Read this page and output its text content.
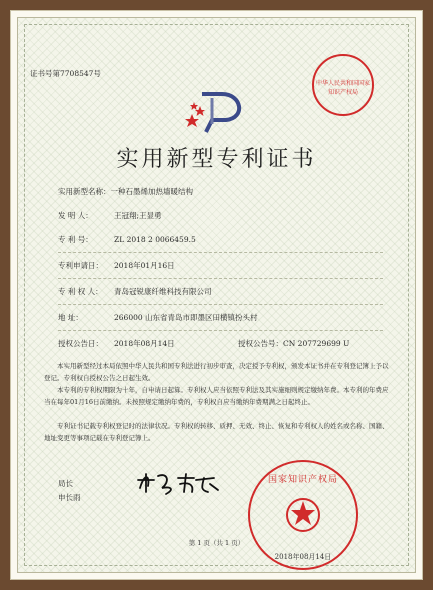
证书号第7708547号
中华人民共和国国家知识产权局
实用新型专利证书
实用新型名称：一种石墨烯加热墙暖结构
发 明 人：	王冠翔;王显勇
专 利 号：	ZL 2018 2 0066459.5
专利申请日： 2018年01月16日
专 利 权 人： 青岛冠锐康纤维科技有限公司
地 址：	266000 山东省青岛市即墨区田横镇扮头村
授权公告日： 2018年08月14日	授权公告号：CN 207729699 U
本实用新型经过本局依照中华人民共和国专利法进行初步审查，决定授予专利权，颁发本证书并在专利登记簿上予以登记。专利权自授权公告之日起生效。
本专利的专利权期限为十年，自申请日起算。专利权人应当依照专利法及其实施细则规定缴纳年费。本专利的年费应当在每年01月16日前缴纳。未按照规定缴纳年费的，专利权自应当缴纳年费期满之日起终止。
专利证书记载专利权登记时的法律状况。专利权的转移、质押、无效、终止、恢复和专利权人的姓名或名称、国籍、地址变更等事项记载在专利登记簿上。
局长
申长雨
国家知识产权局
2018年08月14日
第 1 页（共 1 页）
